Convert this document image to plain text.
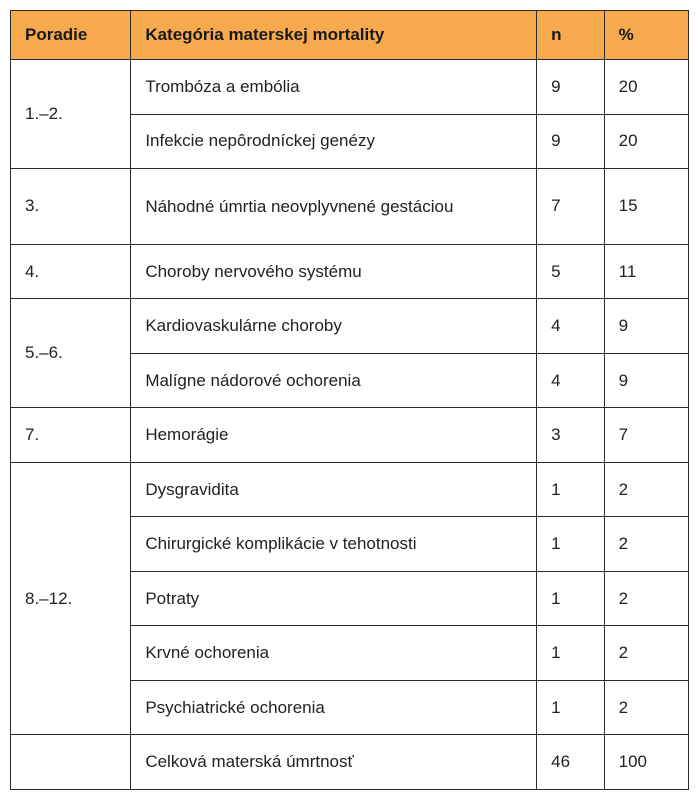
Poradie	Kategória materskej mortality	n	%
1.–2.	Trombóza a embólia	9	20
	Infekcie nepôrodníckej genézy	9	20
3.	Náhodné úmrtia neovplyvnené gestáciou	7	15
4.	Choroby nervového systému	5	11
5.–6.	Kardiovaskulárne choroby	4	9
	Malígne nádorové ochorenia	4	9
7.	Hemorágie	3	7
8.–12.	Dysgravidita	1	2
	Chirurgické komplikácie v tehotnosti	1	2
	Potraty	1	2
	Krvné ochorenia	1	2
	Psychiatrické ochorenia	1	2
	Celková materská úmrtnosť	46	100
